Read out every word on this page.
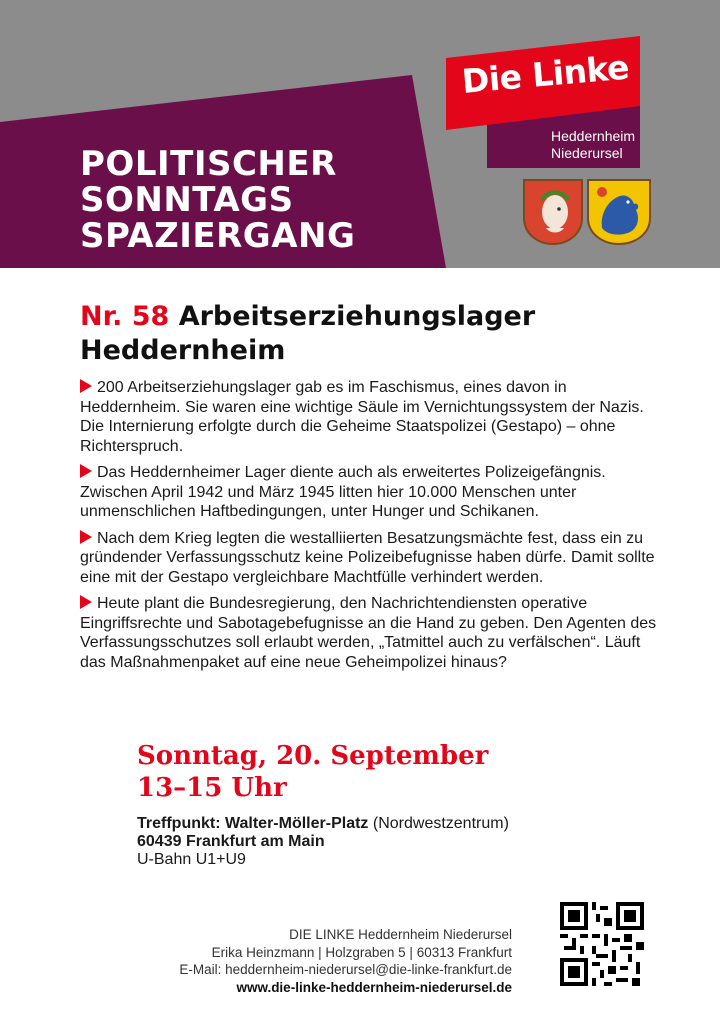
POLITISCHER
SONNTAGS
SPAZIERGANG
Die Linke
Heddernheim
Niederursel
Nr. 58 Arbeitserziehungslager
Heddernheim

200 Arbeitserziehungslager gab es im Faschismus, eines davon in Heddernheim. Sie waren eine wichtige Säule im Vernichtungssystem der Nazis. Die Internierung erfolgte durch die Geheime Staatspolizei (Gestapo) – ohne Richterspruch.

Das Heddernheimer Lager diente auch als erweitertes Polizeigefängnis. Zwischen April 1942 und März 1945 litten hier 10.000 Menschen unter unmenschlichen Haftbedingungen, unter Hunger und Schikanen.

Nach dem Krieg legten die westalliierten Besatzungsmächte fest, dass ein zu gründender Verfassungsschutz keine Polizeibefugnisse haben dürfe. Damit sollte eine mit der Gestapo vergleichbare Machtfülle verhindert werden.

Heute plant die Bundesregierung, den Nachrichtendiensten operative Eingriffsrechte und Sabotagebefugnisse an die Hand zu geben. Den Agenten des Verfassungsschutzes soll erlaubt werden, „Tatmittel auch zu verfälschen“. Läuft das Maßnahmenpaket auf eine neue Geheimpolizei hinaus?

Sonntag, 20. September
13–15 Uhr
Treffpunkt: Walter-Möller-Platz (Nordwestzentrum)
60439 Frankfurt am Main
U-Bahn U1+U9
DIE LINKE Heddernheim Niederursel
Erika Heinzmann | Holzgraben 5 | 60313 Frankfurt
E-Mail: heddernheim-niederursel@die-linke-frankfurt.de
www.die-linke-heddernheim-niederursel.de
